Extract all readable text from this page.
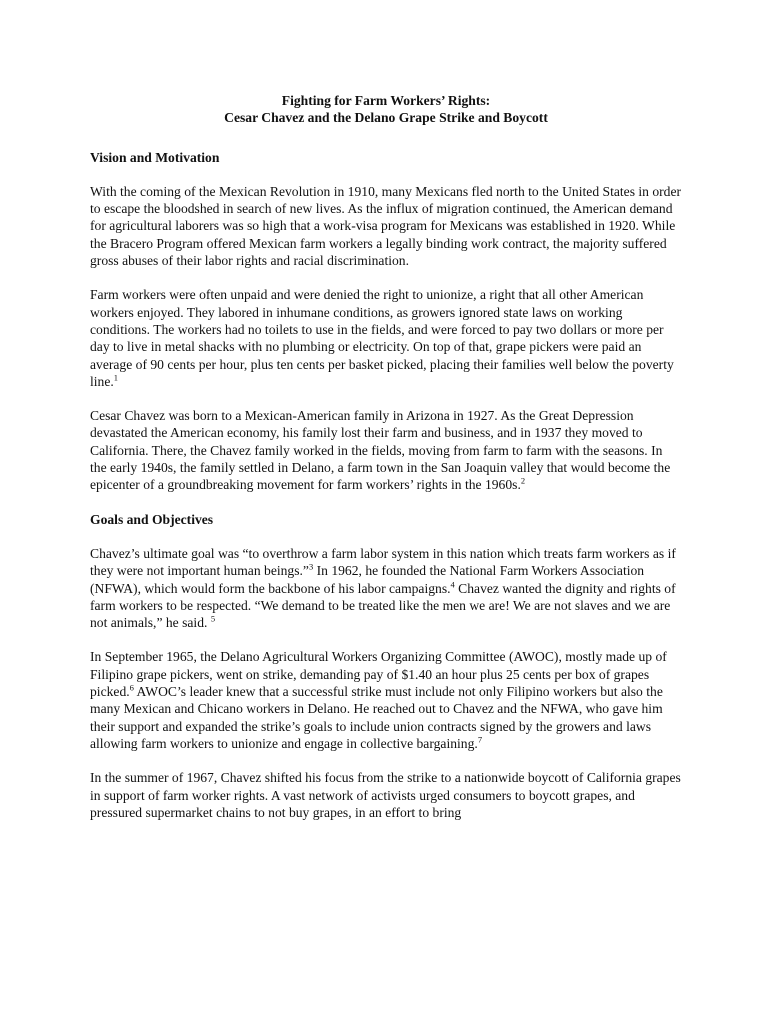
Fighting for Farm Workers’ Rights:
Cesar Chavez and the Delano Grape Strike and Boycott
Vision and Motivation

With the coming of the Mexican Revolution in 1910, many Mexicans fled north to the United States in order to escape the bloodshed in search of new lives. As the influx of migration continued, the American demand for agricultural laborers was so high that a work-visa program for Mexicans was established in 1920. While the Bracero Program offered Mexican farm workers a legally binding work contract, the majority suffered gross abuses of their labor rights and racial discrimination.

Farm workers were often unpaid and were denied the right to unionize, a right that all other American workers enjoyed. They labored in inhumane conditions, as growers ignored state laws on working conditions. The workers had no toilets to use in the fields, and were forced to pay two dollars or more per day to live in metal shacks with no plumbing or electricity. On top of that, grape pickers were paid an average of 90 cents per hour, plus ten cents per basket picked, placing their families well below the poverty line.$^1$

Cesar Chavez was born to a Mexican-American family in Arizona in 1927. As the Great Depression devastated the American economy, his family lost their farm and business, and in 1937 they moved to California. There, the Chavez family worked in the fields, moving from farm to farm with the seasons. In the early 1940s, the family settled in Delano, a farm town in the San Joaquin valley that would become the epicenter of a groundbreaking movement for farm workers’ rights in the 1960s.$^2$

Goals and Objectives

Chavez’s ultimate goal was “to overthrow a farm labor system in this nation which treats farm workers as if they were not important human beings.”$^3$ In 1962, he founded the National Farm Workers Association (NFWA), which would form the backbone of his labor campaigns.$^4$ Chavez wanted the dignity and rights of farm workers to be respected. “We demand to be treated like the men we are! We are not slaves and we are not animals,” he said. $^5$

In September 1965, the Delano Agricultural Workers Organizing Committee (AWOC), mostly made up of Filipino grape pickers, went on strike, demanding pay of $1.40 an hour plus 25 cents per box of grapes picked.$^6$ AWOC’s leader knew that a successful strike must include not only Filipino workers but also the many Mexican and Chicano workers in Delano. He reached out to Chavez and the NFWA, who gave him their support and expanded the strike’s goals to include union contracts signed by the growers and laws allowing farm workers to unionize and engage in collective bargaining.$^7$

In the summer of 1967, Chavez shifted his focus from the strike to a nationwide boycott of California grapes in support of farm worker rights. A vast network of activists urged consumers to boycott grapes, and pressured supermarket chains to not buy grapes, in an effort to bring
